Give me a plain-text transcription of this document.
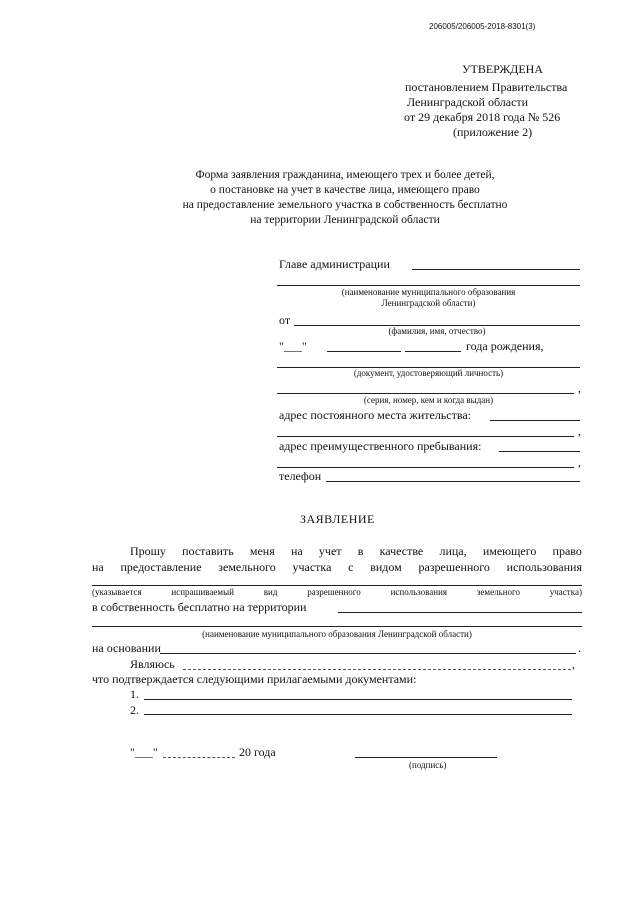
206005/206005-2018-8301(3)
УТВЕРЖДЕНА
постановлением Правительства
Ленинградской области
от 29 декабря 2018 года № 526
(приложение 2)
Форма заявления гражданина, имеющего трех и более детей,
о постановке на учет в качестве лица, имеющего право
на предоставление земельного участка в собственность бесплатно
на территории Ленинградской области
Главе администрации
(наименование муниципального образования
Ленинградской области)
от
(фамилия, имя, отчество)
"___"	года рождения,
(документ, удостоверяющий личность)
,
(серия, номер, кем и когда выдан)
адрес постоянного места жительства:
,
адрес преимущественного пребывания:
,
телефон
ЗАЯВЛЕНИЕ
Прошу поставить меня на учет в качестве лица, имеющего право
на предоставление земельного участка с видом разрешенного использования
(указывается	испрашиваемый	вид	разрешенного	использования	земельного	участка)
в собственность бесплатно на территории
(наименование муниципального образования Ленинградской области)
на основании	.
Являюсь	,
что подтверждается следующими прилагаемыми документами:
1.
2.
"___"	20 года
(подпись)
